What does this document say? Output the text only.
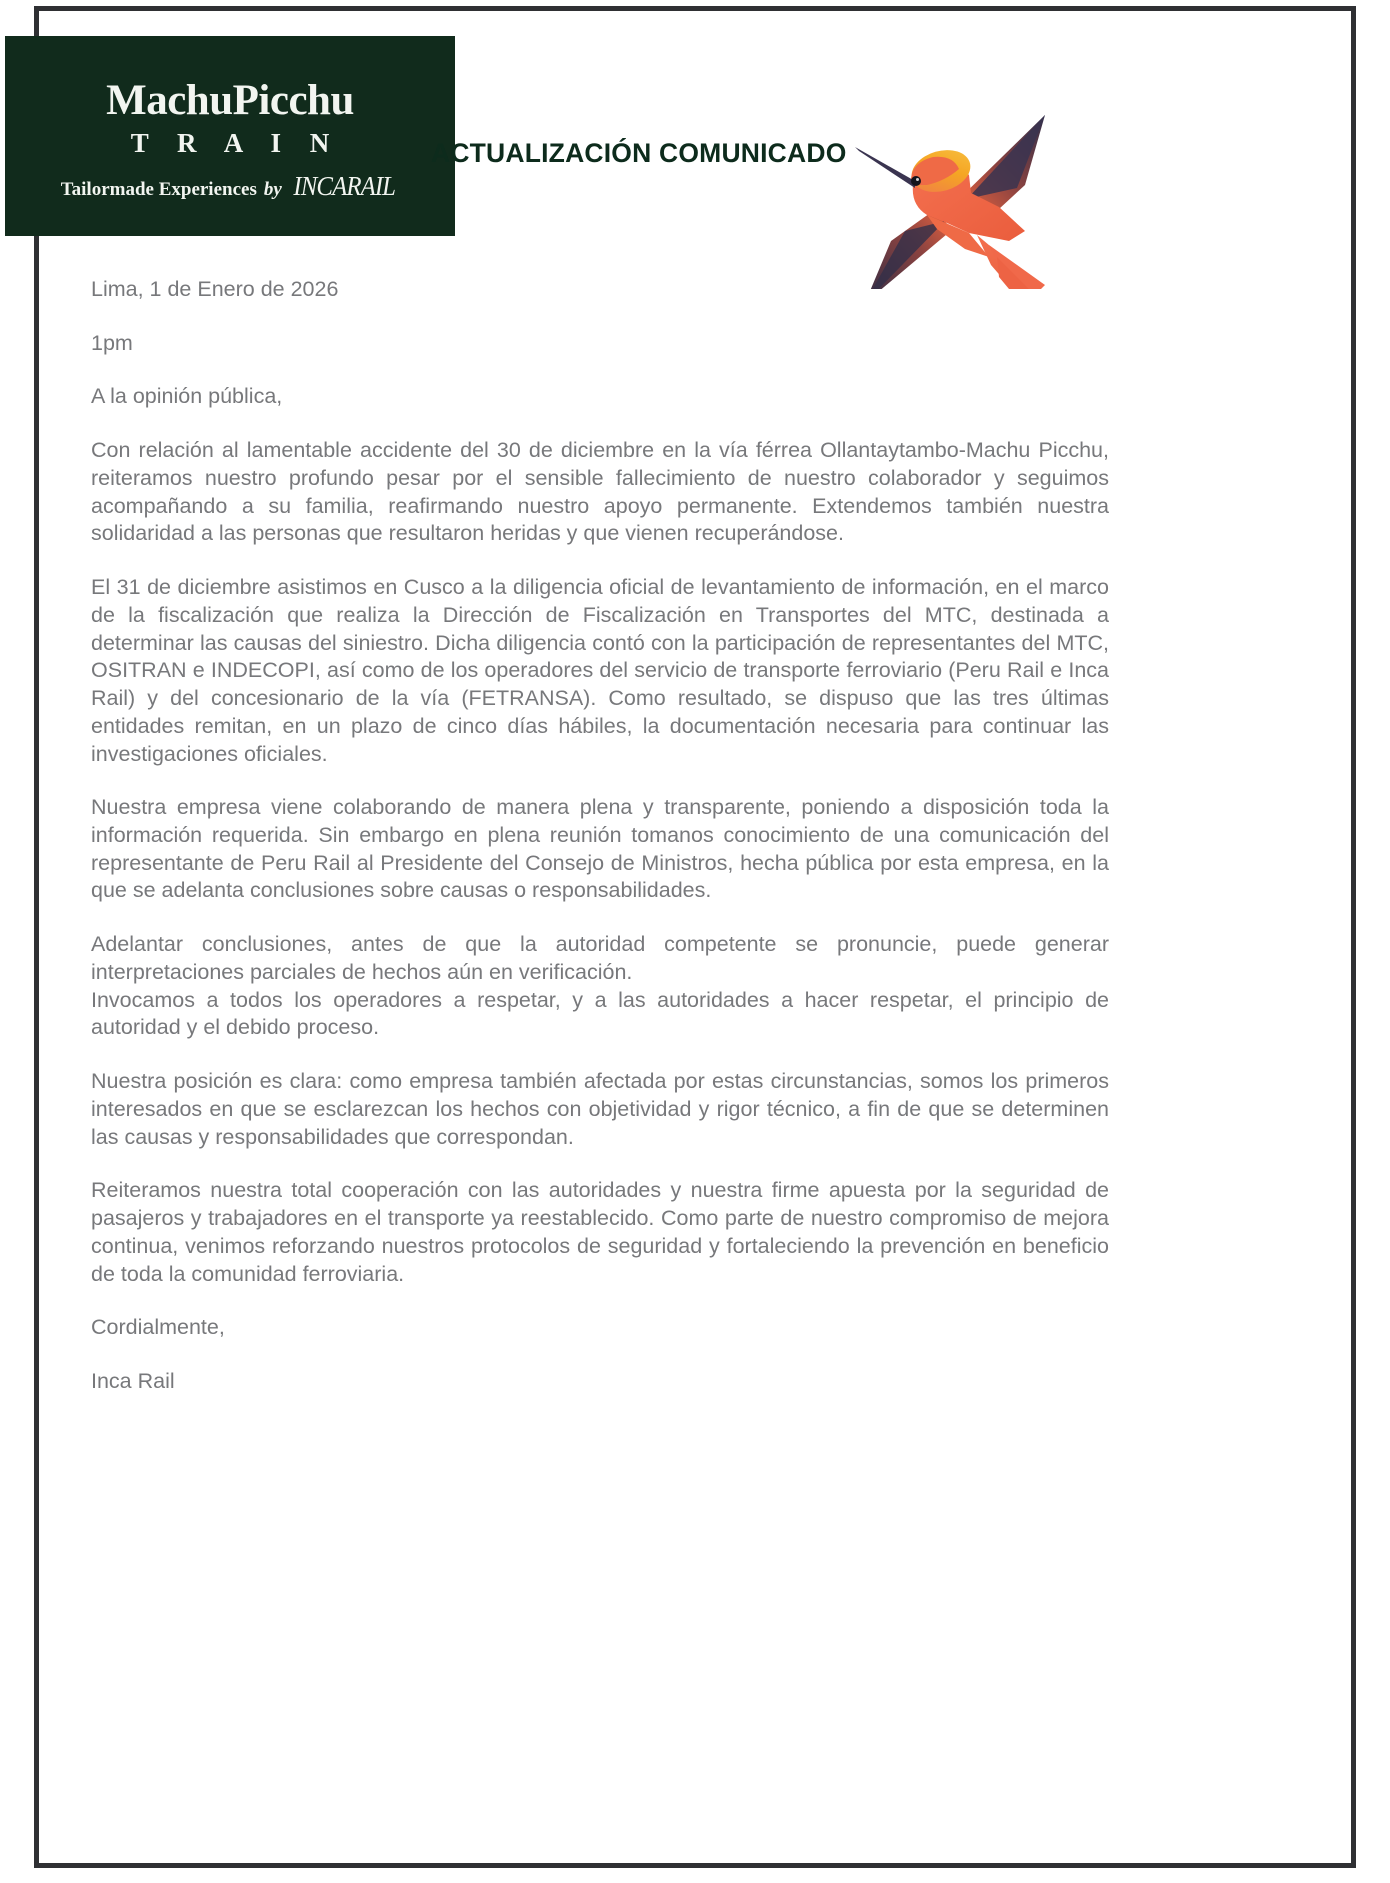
MachuPicchu
T R A I N
Tailormade Experiences by INCARAIL
ACTUALIZACIÓN COMUNICADO

Lima, 1 de Enero de 2026

1pm

A la opinión pública,

Con relación al lamentable accidente del 30 de diciembre en la vía férrea Ollantaytambo-Machu Picchu, reiteramos nuestro profundo pesar por el sensible fallecimiento de nuestro colaborador y seguimos acompañando a su familia, reafirmando nuestro apoyo permanente. Extendemos también nuestra solidaridad a las personas que resultaron heridas y que vienen recuperándose.

El 31 de diciembre asistimos en Cusco a la diligencia oficial de levantamiento de información, en el marco de la fiscalización que realiza la Dirección de Fiscalización en Transportes del MTC, destinada a determinar las causas del siniestro. Dicha diligencia contó con la participación de representantes del MTC, OSITRAN e INDECOPI, así como de los operadores del servicio de transporte ferroviario (Peru Rail e Inca Rail) y del concesionario de la vía (FETRANSA). Como resultado, se dispuso que las tres últimas entidades remitan, en un plazo de cinco días hábiles, la documentación necesaria para continuar las investigaciones oficiales.

Nuestra empresa viene colaborando de manera plena y transparente, poniendo a disposición toda la información requerida. Sin embargo en plena reunión tomanos conocimiento de una comunicación del representante de Peru Rail al Presidente del Consejo de Ministros, hecha pública por esta empresa, en la que se adelanta conclusiones sobre causas o responsabilidades.

Adelantar conclusiones, antes de que la autoridad competente se pronuncie, puede generar interpretaciones parciales de hechos aún en verificación.

Invocamos a todos los operadores a respetar, y a las autoridades a hacer respetar, el principio de autoridad y el debido proceso.

Nuestra posición es clara: como empresa también afectada por estas circunstancias, somos los primeros interesados en que se esclarezcan los hechos con objetividad y rigor técnico, a fin de que se determinen las causas y responsabilidades que correspondan.

Reiteramos nuestra total cooperación con las autoridades y nuestra firme apuesta por la seguridad de pasajeros y trabajadores en el transporte ya reestablecido. Como parte de nuestro compromiso de mejora continua, venimos reforzando nuestros protocolos de seguridad y fortaleciendo la prevención en beneficio de toda la comunidad ferroviaria.

Cordialmente,

Inca Rail
